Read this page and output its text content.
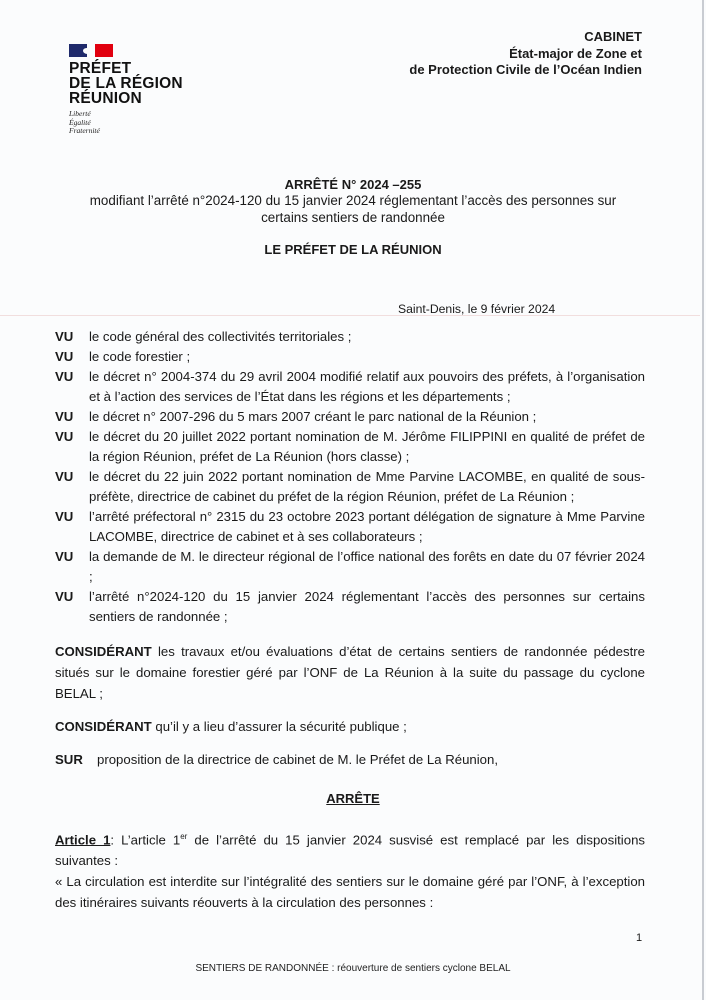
PRÉFET
DE LA RÉGION
RÉUNION
Liberté
Égalité
Fraternité
CABINET
État-major de Zone et
de Protection Civile de l’Océan Indien
ARRÊTÉ N° 2024 –255
modifiant l’arrêté n°2024-120 du 15 janvier 2024 réglementant l’accès des personnes sur
certains sentiers de randonnée
LE PRÉFET DE LA RÉUNION
Saint-Denis, le 9 février 2024
VU	le code général des collectivités territoriales ;
VU	le code forestier ;
VU	le décret n° 2004-374 du 29 avril 2004 modifié relatif aux pouvoirs des préfets, à l’organisation et à l’action des services de l’État dans les régions et les départements ;
VU	le décret n° 2007-296 du 5 mars 2007 créant le parc national de la Réunion ;
VU	le décret du 20 juillet 2022 portant nomination de M. Jérôme FILIPPINI en qualité de préfet de la région Réunion, préfet de La Réunion (hors classe) ;
VU	le décret du 22 juin 2022 portant nomination de Mme Parvine LACOMBE, en qualité de sous-préfète, directrice de cabinet du préfet de la région Réunion, préfet de La Réunion ;
VU	l’arrêté préfectoral n° 2315 du 23 octobre 2023 portant délégation de signature à Mme Parvine LACOMBE, directrice de cabinet et à ses collaborateurs ;
VU	la demande de M. le directeur régional de l’office national des forêts en date du 07 février 2024 ;
VU	l’arrêté n°2024-120 du 15 janvier 2024 réglementant l’accès des personnes sur certains sentiers de randonnée ;
CONSIDÉRANT les travaux et/ou évaluations d’état de certains sentiers de randonnée pédestre situés sur le domaine forestier géré par l’ONF de La Réunion à la suite du passage du cyclone BELAL ;
CONSIDÉRANT qu’il y a lieu d’assurer la sécurité publique ;
SUR	proposition de la directrice de cabinet de M. le Préfet de La Réunion,
ARRÊTE
Article 1: L’article 1er de l’arrêté du 15 janvier 2024 susvisé est remplacé par les dispositions suivantes :
« La circulation est interdite sur l’intégralité des sentiers sur le domaine géré par l’ONF, à l’exception des itinéraires suivants réouverts à la circulation des personnes :
1
SENTIERS DE RANDONNÉE : réouverture de sentiers cyclone BELAL
